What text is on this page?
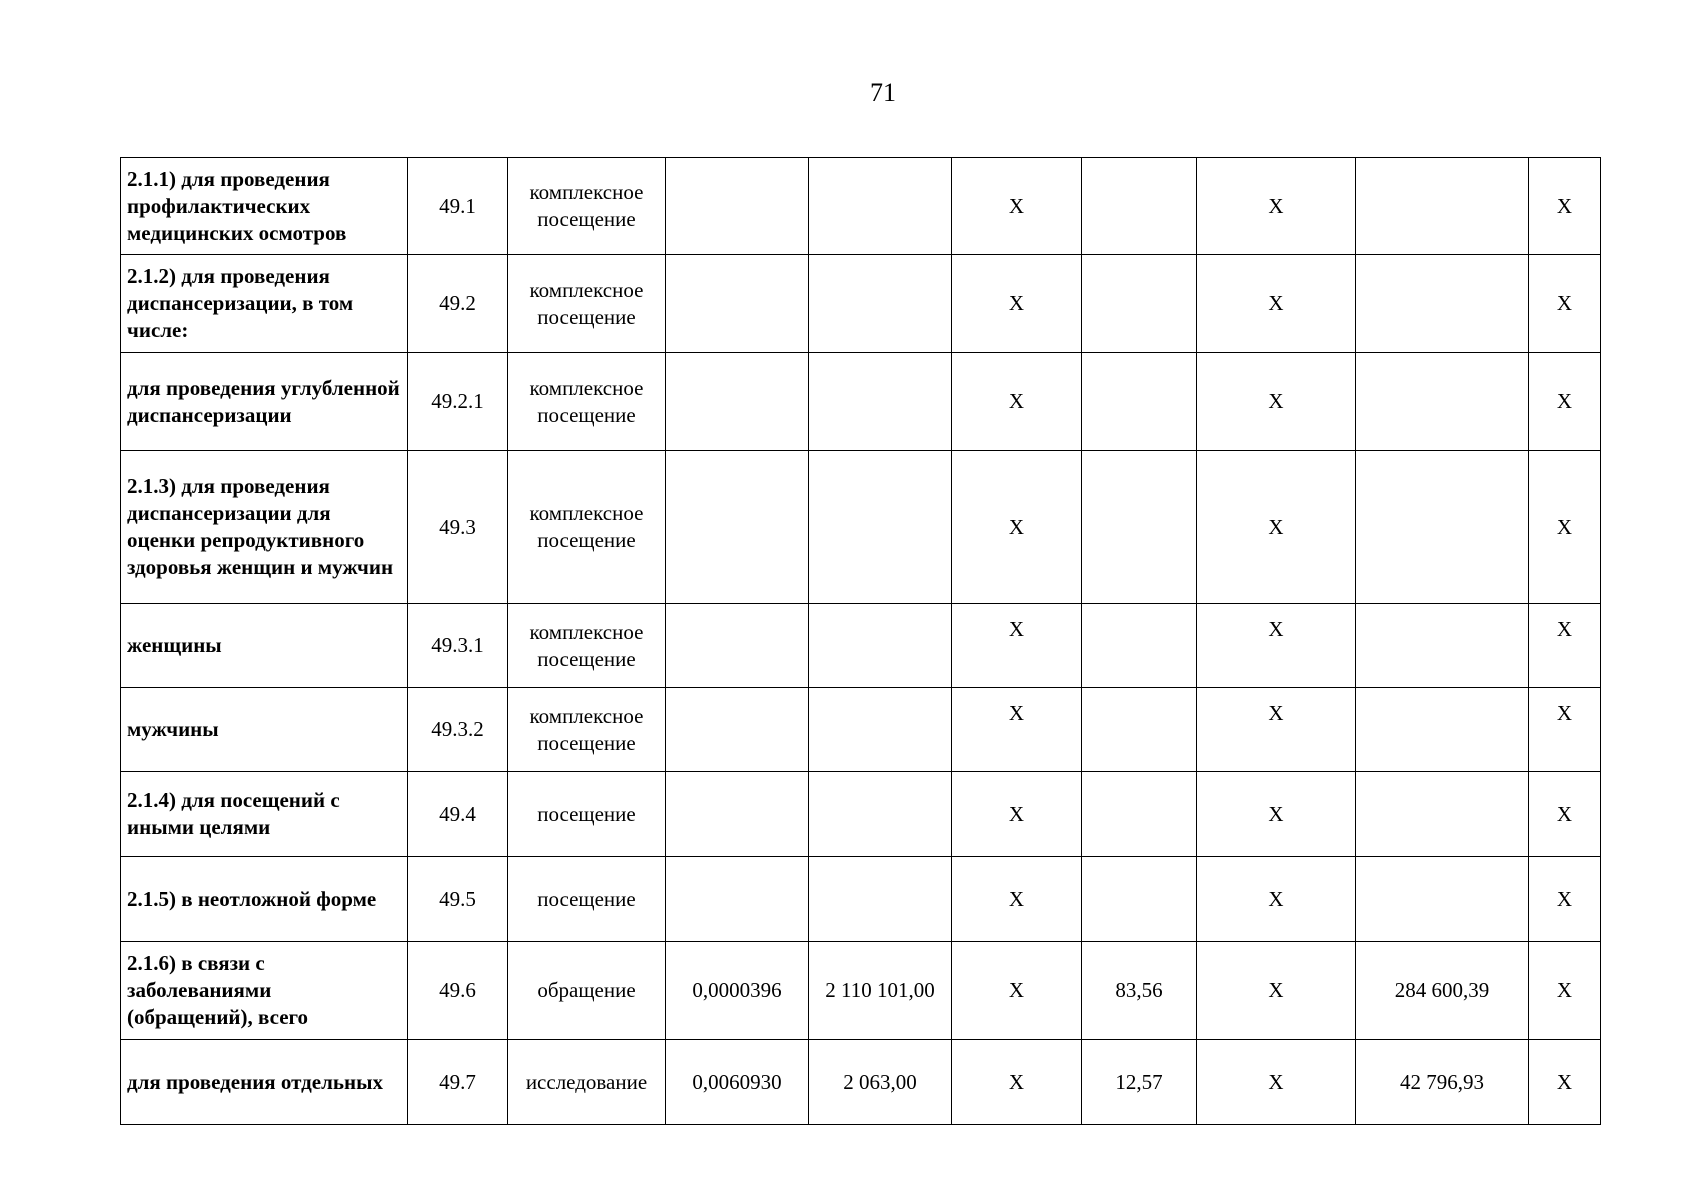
71
2.1.1) для проведения профилактических медицинских осмотров	49.1	комплексное посещение			X		X		X
2.1.2) для проведения диспансеризации, в том числе:	49.2	комплексное посещение			X		X		X
для проведения углубленной диспансеризации	49.2.1	комплексное посещение			X		X		X
2.1.3) для проведения диспансеризации для оценки репродуктивного здоровья женщин и мужчин	49.3	комплексное посещение			X		X		X
женщины	49.3.1	комплексное посещение			X		X		X
мужчины	49.3.2	комплексное посещение			X		X		X
2.1.4) для посещений с иными целями	49.4	посещение			X		X		X
2.1.5) в неотложной форме	49.5	посещение			X		X		X
2.1.6) в связи с заболеваниями (обращений), всего	49.6	обращение	0,0000396	2 110 101,00	X	83,56	X	284 600,39	X
для проведения отдельных	49.7	исследование	0,0060930	2 063,00	X	12,57	X	42 796,93	X
